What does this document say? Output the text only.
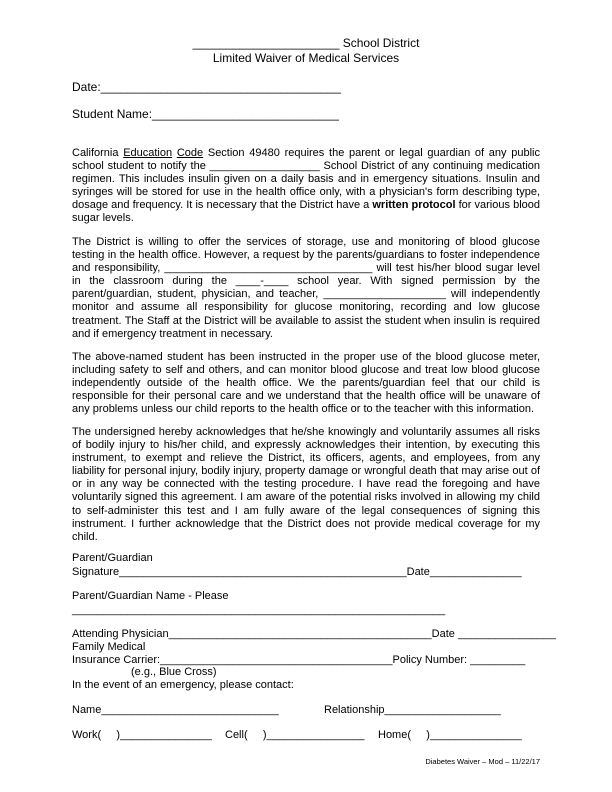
______________________ School District
Limited Waiver of Medical Services
Date:____________________________________
Student Name:____________________________
California Education Code Section 49480 requires the parent or legal guardian of any public school student to notify the __________________ School District of any continuing medication regimen. This includes insulin given on a daily basis and in emergency situations. Insulin and syringes will be stored for use in the health office only, with a physician's form describing type, dosage and frequency. It is necessary that the District have a written protocol for various blood sugar levels.
The District is willing to offer the services of storage, use and monitoring of blood glucose testing in the health office. However, a request by the parents/guardians to foster independence and responsibility, __________________________________ will test his/her blood sugar level in the classroom during the ____-____ school year. With signed permission by the parent/guardian, student, physician, and teacher, ____________________ will independently monitor and assume all responsibility for glucose monitoring, recording and low glucose treatment. The Staff at the District will be available to assist the student when insulin is required and if emergency treatment in necessary.
The above-named student has been instructed in the proper use of the blood glucose meter, including safety to self and others, and can monitor blood glucose and treat low blood glucose independently outside of the health office. We the parents/guardian feel that our child is responsible for their personal care and we understand that the health office will be unaware of any problems unless our child reports to the health office or to the teacher with this information.
The undersigned hereby acknowledges that he/she knowingly and voluntarily assumes all risks of bodily injury to his/her child, and expressly acknowledges their intention, by executing this instrument, to exempt and relieve the District, its officers, agents, and employees, from any liability for personal injury, bodily injury, property damage or wrongful death that may arise out of or in any way be connected with the testing procedure. I have read the foregoing and have voluntarily signed this agreement. I am aware of the potential risks involved in allowing my child to self-administer this test and I am fully aware of the legal consequences of signing this instrument. I further acknowledge that the District does not provide medical coverage for my child.
Parent/Guardian
Signature_______________________________________________Date_______________
Parent/Guardian Name - Please
_____________________________________________________________
Attending Physician___________________________________________Date ________________
Family Medical
Insurance Carrier:______________________________________Policy Number: _________
(e.g., Blue Cross)
In the event of an emergency, please contact:
Name_____________________________	Relationship___________________
Work(     )_______________ Cell(     )________________ Home(     )_______________
Diabetes Waiver – Mod – 11/22/17
